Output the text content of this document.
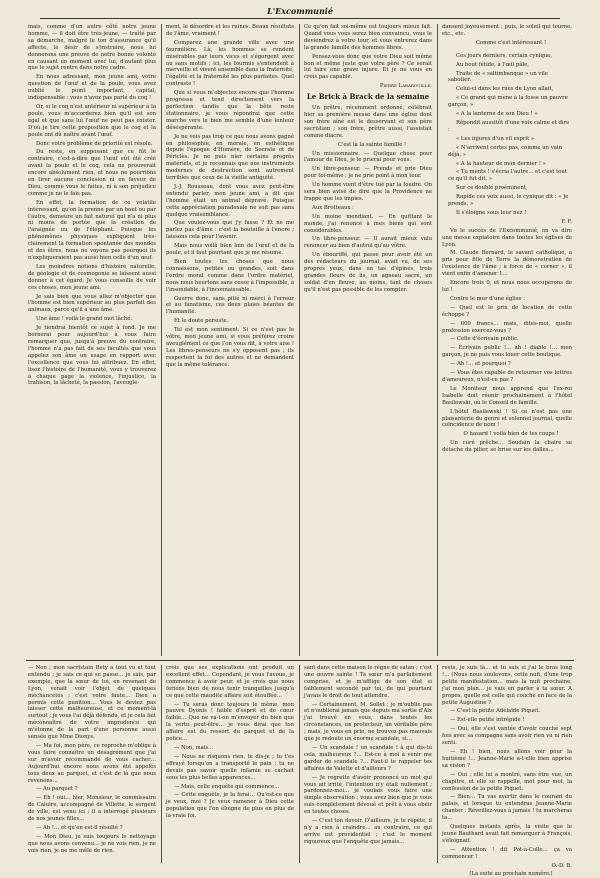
L'Excommunié

mais, comme d'un autre côté notre jeune homme, — il doit être très-jeune, — traîté par sa démarche, malgré le ton d'assurance qu'il affecte, le désir de s'instruire, nous lui donnerons une preuve de notre bonne volonté en causant un moment avec lui, d'autant plus que le sujet rentre dans notre cadre.

En nous adressant, mon jeune ami, votre question de l'œuf et de la poule, vous avez oublié le point important, capital, indispensable : vous n'avez pas parlé du coq !

Or, si le coq n'est antérieur ni supérieur à la poule, vous m'accorderez bien qu'il est son égal et que sans lui l'œuf ne peut pas exister. D'où je tire cette proposition que le coq et la poule ont dû naître avant l'œuf.

Donc votre problème de priorité est résolu.

Du reste, en supposant que ce fût le contraire, c'est-à-dire que l'œuf eût été créé avant la poule et le coq, cela ne prouverait encore absolument rien, et nous ne pourrions en tirer aucune conclusion ni en faveur de Dieu, comme vous le faites, ni à son préjudice comme je ne le fais pas.

En effet, la formation de ce volatile intéressant, qu'on la prenne par un bout ou par l'autre, demeure un fait naturel qui n'a ni plus ni moins de portée que la création de l'araignée ou de l'éléphant. Puisque les phénomènes physiques expliquent très-clairement la formation spontanée des mondes et des êtres, nous ne voyons pas pourquoi ils n'expliqueraient pas aussi bien celle d'un œuf.

Les moindres notions d'histoire naturelle, de géologie et de cosmogonie se laissent aussi donner à cet égard. Je vous conseille de voir ces choses, mon jeune ami.

Je sais bien que vous allez m'objecter que l'homme est bien supérieur au plus parfait des animaux, parce qu'il a une âme.

Une âme ! voilà le grand mot lâché.

Je tiendrai bientôt ce sujet à fond. Je me bornerai pour aujourd'hui à vous faire remarquer que, jusqu'à preuve du contraire, l'homme n'a pas fait de ses facultés que vous appelez son âme un usage en rapport avec l'excellence que vous lui attribuez. En effet, lisez l'histoire de l'humanité, vous y trouverez à chaque page la violence, l'injustice, la trahison, la lâcheté, la passion, l'aveugle-

ment, le désordre et les ruines. Beaux résultats de l'âme, vraiment !

Comparez une grande ville avec une fourmilière. Là, les hommes se rendent misérables par leurs vices et s'égorgent avec ou sans motifs ; ici, les fourmis s'entendent à merveille et vivent ensemble dans la fraternité, l'égalité et la fraternité les plus parfaites. Quel contraste !

Que si vous m'objectez encore que l'homme progresse et tend directement vers la perfection tandis que la bête reste stationnaire, je vous répondrai que cette marche vers le bien me semble d'une lenteur désespérante.

Je ne vois pas trop ce que nous avons gagné en philosophie, en morale, en esthétique depuis l'époque d'Homère, de Socrate et de Périclès. Je ne puis nier certains progrès matériels, et je reconnais que nos instruments modernes de destruction sont autrement terribles que ceux de la vieille antiquité.

J.-J. Rousseau, dont vous avez peut-être entendu parler, mon jeune ami, a dit que l'homme était un animal dépravé. Puisque cette appréciation paradoxale ne soit pas sans quelque vraisemblance.

Que voulez-vous que j'y fasse ? Et ne me parlez pas d'âme : c'est la bouteille à l'encre ; laissons cela pour l'avenir.

Mais nous voilà bien loin de l'œuf et de la poule, et il faut pourtant que je me résume.

Bien toutes les choses que nous connaissons, petites ou grandes, soit dans l'ordre moral comme dans l'ordre matériel, nous nous heurtons sans cesse à l'impossible, à l'insondable, à l'inconnaissable.

Guerre donc, sans pitié ni merci à l'erreur et au fanatisme, ces deux plaies béantes de l'humanité.

Et le doute persiste.

Tel est mon sentiment. Si ce n'est pas le vôtre, mon jeune ami, si vous préférez croire aveuglément ce que l'on vous dit, à votre aise ! Les libres-penseurs ne s'y opposent pas ; ils respectent la foi des autres et ne demandent que la même tolérance.

Ce qu'on fait soi-même est toujours mieux fait. Quand vous vous serez bien convaincu, vous le deviendrez à votre tour, et vous entrerez dans la grande famille des hommes libres.

Pensez-vous donc que votre Dieu soit même bon et même juste que votre père ? Ce serait lui faire une grave injure. Et je ne vous en crois pas capable.

Pierre Labarouille.

Le Brick à Brack de la semaine

Un prêtre, récemment ordonné, célébrait hier sa première messe dans une église dont son frère aîné est le desservant et son père sacristain ; son frère, prêtre aussi, l'assistait comme diacre.

C'est là la sainte famille !

Un missionnaire. — Quelque chose pour l'amour de Dieu, je le prierai pour vous.

Un libre-penseur. — Prends et prie Dieu pour toi-même ; je ne prie point à mon tour.

Un homme vient d'être tué par la foudre. On sera bien avisé de dire que la Providence ne frappe que les impies.

Aux Brotteaux :

Un moine mendiant. — En quittant le monde, j'ai renoncé à mes biens qui sont considérables.

Un libre-penseur. — Il aurait mieux valu renoncer au bien d'autrui qu'au vôtre.

Un ébouriffé, qui passe pour avoir été un des rédacteurs du journal, avait vu, de ses propres yeux, dans un tas d'épines, trois grandes fleurs de lis, un agneau sacré, un soldat d'un fleuve, au moins, tant de choses qu'il n'est pas possible de les compter.

dansent joyeusement ; puis, le soleil qui tourne, etc., etc.

Comme c'est intéressant !

Ces jours derniers, certain cynique,

Au bout fétide, à l'œil pâle,

Traite de « saltimbanque » un vile sabotier.

Celui-ci dans les rues de Lyon allait,

« Ce grand qui mène à la fosse un pauvre garçon, »

« A la lanterne de son Dieu ! »

Répondit aussitôt d'une voix calme et dire :

« Les injures d'un vil esprit »

« N'arrivent certes pas, comme un vain déjà, »

« A la hauteur de mon dernier ! »

« Tu ments ! s'écria l'autre... et c'est tout ce qu'il fut dit. »

Sur ce doublé proéminent,

Rapide ces voix aussi, le cynique dit : « Je prends, »

Il s'éloigne sous leur nez !

F. F.

Vu le succès de l'Excommunié, on va dire une messe expiatoire dans toutes les églises de Lyon.

M. Claude Bernard, le savant catholique, a pris pour fille de Terre la démonstration de l'existence de l'âme ; à force de « corner », il vient enfin d'amener 1…

Encore trois 0, et nous nous occuperons de lui !

Contre le mur d'une église :

— Quel est le prix de location de cette échoppe ?

— 600 francs… mais, dites-moi, quelle profession exercez-vous ?

— Celle d'écrivain public.

— Écrivain public !… ah ! diable !… mon garçon, je ne puis vous louer cette boutique.

— Ah !… et pourquoi ?

— Vous êtes capable de retourner vos lettres d'amoureux, n'est-ce pas ?

Le Moniteur nous apprend que l'ex-roi Isabelle doit réunir prochainement à l'hôtel Basilewski, où le Conseil de famille.

L'hôtel Basilewski ! Si ce n'est pas une plaisanterie du genre et solennel journal, quelle coïncidence de nom !

O hasard ! voilà bien de tes coups !

Un curé prêche… Soudain la chaire se détache du pilier, se brise sur les dalles…

— Non ; mon sacristain Bety a tout vu et tout entendu ; je sais ce qui se passe… je sais, par exemple, que la sœur de toi, en revenant de Lyon, venait voir l'objet de quelques méchancetés ; c'est votre faute… Dieu a permis cette punition… Vous le deviez pas laisser cette malheureuse, et ce moment-là surtout ; je vous l'ai déjà défendu, et je cela fait méconnaître de votre imprudence qui m'étonne de la part d'une personne aussi sensée que Mme Dionys.

— Ma foi, mon père, ce reproche m'oblige à vous faire connaître un désagrément que j'ai sur m'avoir recommandé de vous cacher… Aujourd'hui encore nous avons été appelés tous deux au parquet, et c'est de là que nous revenons…

— Au parquet ?

— Eh ! oui… hier, Monsieur, le commissaire de Caluire, accompagné de Villette, le sergent de ville, est venu ici ; il a interrogé plusieurs de nos jeunes filles…

— Ah !… et qu'en est-il résulté ?

— Mon Dieu, je suis toujours le nettoyage que nous avons convenu… je ne vois rien, je ne vois rien, je ne me mêle de rien.

crois que ses explications ont produit un excellent effet… Cependant, je vous l'avoue, je commence à avoir peur, et je crois que nous ferions bien de nous tenir tranquilles jusqu'à ce que cette maudite affaire soit étouffée…

— Tu seras donc toujours le même, mon pauvre Dyonis ! faible d'esprit et de cœur faible… Que ne va-t-on m'envoyer du bien que la vertu peut-être… je vous dirai que ton affaire est du ressort du parquet et de la police…

— Non, mais…

— Nous ne risquons rien, te dis-je ; tu t'es effrayé lorsqu'on a transporté le pain ; tu ne devais pas savoir quelle infamie se cachait sous les plus belles apparences…

— Mais, celle enquête qui commence…

— Cette enquête, je la ferai… Qu'est-ce que je veux, moi ? Je veux ramener à Dieu cette population que l'on éloigne de plus en plus de la vraie foi.

sant dans cette maison le règne de satan ; c'est une œuvre sainte ! Ta sœur m'a parfaitement comprise, et je m'afflige de son état si faiblement secondé par toi, de qui pourtant j'avais le droit de tout attendre.

— Certainement, M. Sollet ; je m'oublie pas et n'oublierai jamais que depuis ma sortie d'Aix j'ai trouvé en vous, dans toutes les circonstances, un protecteur, un véritable père ; mais, je vous en prie, ne trouvez pas mauvais que je redoute un énorme scandale, si…

— Un scandale ! un scandale ! à qui dis-tu cela, malheureux ?… Est-ce à moi à venir me garder de scandale ?… Faut-il te rappeler tes affaires de Valette et d'ailleurs ?

— Je regrette d'avoir prononcé un mot qui vous ait irrité, l'intention n'y était nullement ; pardonnez-moi… je voulais vous faire une simple observation ; vous avez bien que je vous suis complètement dévoué et prêt à vous obéir en toutes choses.

— C'est ton devoir. D'ailleurs, je te répète, il n'y a rien à craindre… au contraire, ce qui arrive est providentiel ; c'est le moment rigoureux que l'enquête que jamais…

reste, je suis là… et tu sais si j'ai le bras long !… (Nous nous soulevons, cette nuit, d'une trop petite manifestation… mais la nuit prochaine, j'ai mon plan… je vais en parler à ta sœur. A propos, quelle est celle qui couche en face de la petite Augustine ?

— C'est la petite Adélaïde Piquet.

— Est-elle petite intrépide !

— Oui, elle s'est vantée d'avoir couché sept fois avec sa compagne sans avoir rien vu ni rien senti.

— Eh ! bien, nous allons voir pour la huitième !… Jeanne-Marie a-t-elle bien apprise sa vision ?

— Oui ; elle lui a montré, sans être vue, un chapitre, et elle se rappelle, mot pour mot, la confession de la petite Piquet.

— Bien… Tu vas avertir dans le courant du palais, et lorsque tu entendras Jeanne-Marie chanter : Réveillez-vous à jamais ! tu marcheras ta…

Quelques instants après, la visite que le jeune Bauthard avait fait remarquer à François, s'éloignait.

— Attention ! dit Pot-à-Colle… ça va commencer !

O.-D. B.

(La suite au prochain numéro.)
